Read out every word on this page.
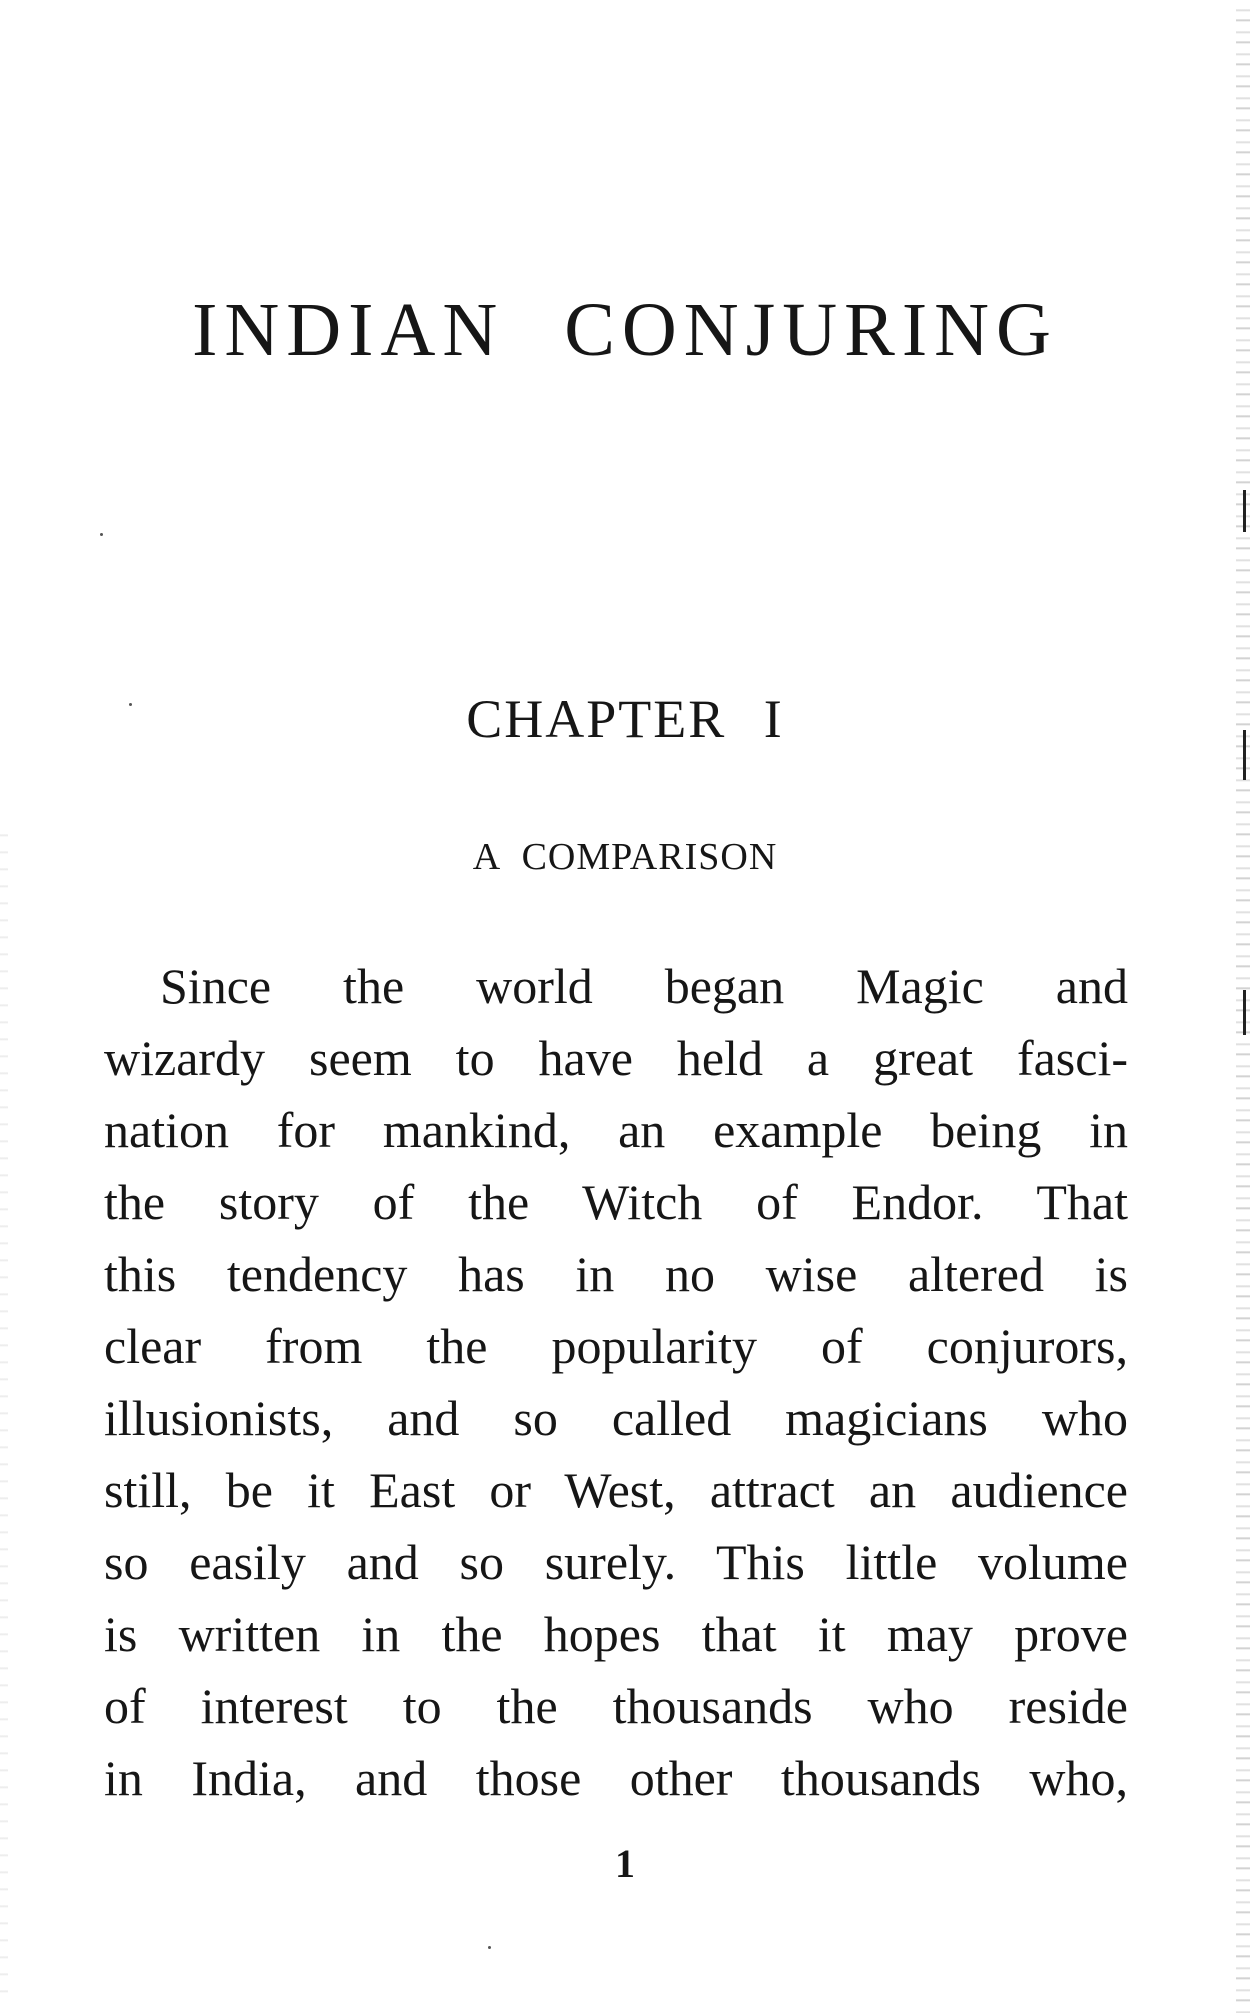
INDIAN CONJURING
CHAPTER I
A COMPARISON
Since the world began Magic and
wizardy seem to have held a great fasci-
nation for mankind, an example being in
the story of the Witch of Endor. That
this tendency has in no wise altered is
clear from the popularity of conjurors,
illusionists, and so called magicians who
still, be it East or West, attract an audience
so easily and so surely. This little volume
is written in the hopes that it may prove
of interest to the thousands who reside
in India, and those other thousands who,
1
